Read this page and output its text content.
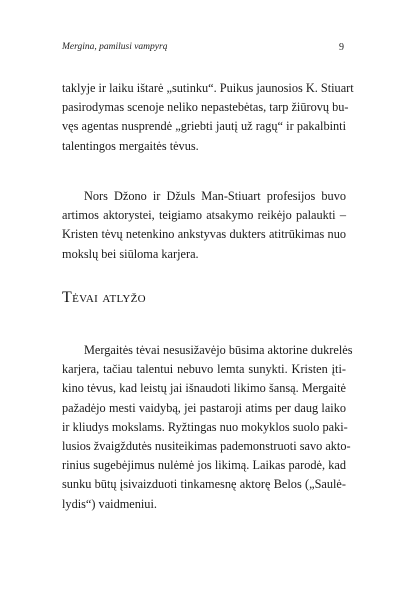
Mergina, pamilusi vampyrą	9

taklyje ir laiku ištarė „sutinku“. Puikus jaunosios K. Stiuart
pasirodymas scenoje neliko nepastebėtas, tarp žiūrovų bu-
vęs agentas nusprendė „griebti jautį už ragų“ ir pakalbinti
talentingos mergaitės tėvus.

Nors Džono ir Džuls Man-Stiuart profesijos buvo
artimos aktorystei, teigiamo atsakymo reikėjo palaukti –
Kristen tėvų netenkino ankstyvas dukters atitrūkimas nuo
mokslų bei siūloma karjera.

Tėvai atlyžo

Mergaitės tėvai nesusižavėjo būsima aktorine dukrelės
karjera, tačiau talentui nebuvo lemta sunykti. Kristen įti-
kino tėvus, kad leistų jai išnaudoti likimo šansą. Mergaitė
pažadėjo mesti vaidybą, jei pastaroji atims per daug laiko
ir kliudys mokslams. Ryžtingas nuo mokyklos suolo paki-
lusios žvaigždutės nusiteikimas pademonstruoti savo akto-
rinius sugebėjimus nulėmė jos likimą. Laikas parodė, kad
sunku būtų įsivaizduoti tinkamesnę aktorę Belos („Saulė-
lydis“) vaidmeniui.
